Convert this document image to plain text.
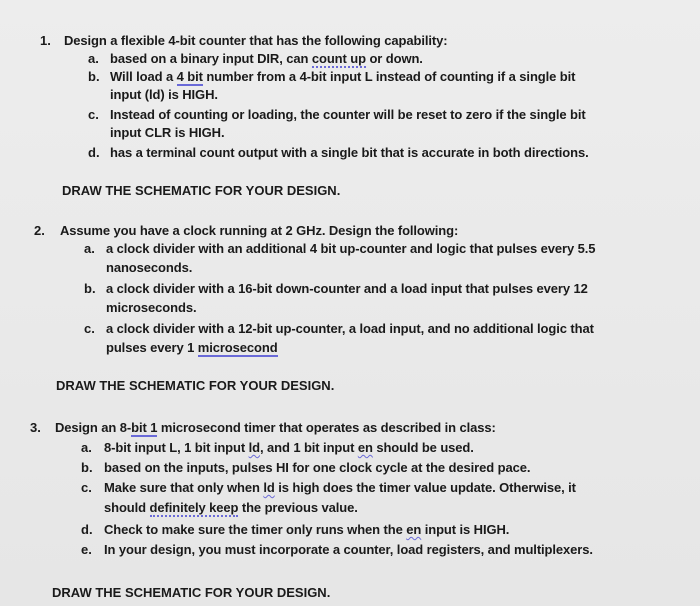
1. Design a flexible 4-bit counter that has the following capability:
a. based on a binary input DIR, can count up or down.
b. Will load a 4 bit number from a 4-bit input L instead of counting if a single bit
input (ld) is HIGH.
c. Instead of counting or loading, the counter will be reset to zero if the single bit
input CLR is HIGH.
d. has a terminal count output with a single bit that is accurate in both directions.
DRAW THE SCHEMATIC FOR YOUR DESIGN.
2. Assume you have a clock running at 2 GHz. Design the following:
a. a clock divider with an additional 4 bit up-counter and logic that pulses every 5.5
nanoseconds.
b. a clock divider with a 16-bit down-counter and a load input that pulses every 12
microseconds.
c. a clock divider with a 12-bit up-counter, a load input, and no additional logic that
pulses every 1 microsecond
DRAW THE SCHEMATIC FOR YOUR DESIGN.
3. Design an 8-bit 1 microsecond timer that operates as described in class:
a. 8-bit input L, 1 bit input ld, and 1 bit input en should be used.
b. based on the inputs, pulses HI for one clock cycle at the desired pace.
c. Make sure that only when ld is high does the timer value update. Otherwise, it
should definitely keep the previous value.
d. Check to make sure the timer only runs when the en input is HIGH.
e. In your design, you must incorporate a counter, load registers, and multiplexers.
DRAW THE SCHEMATIC FOR YOUR DESIGN.
